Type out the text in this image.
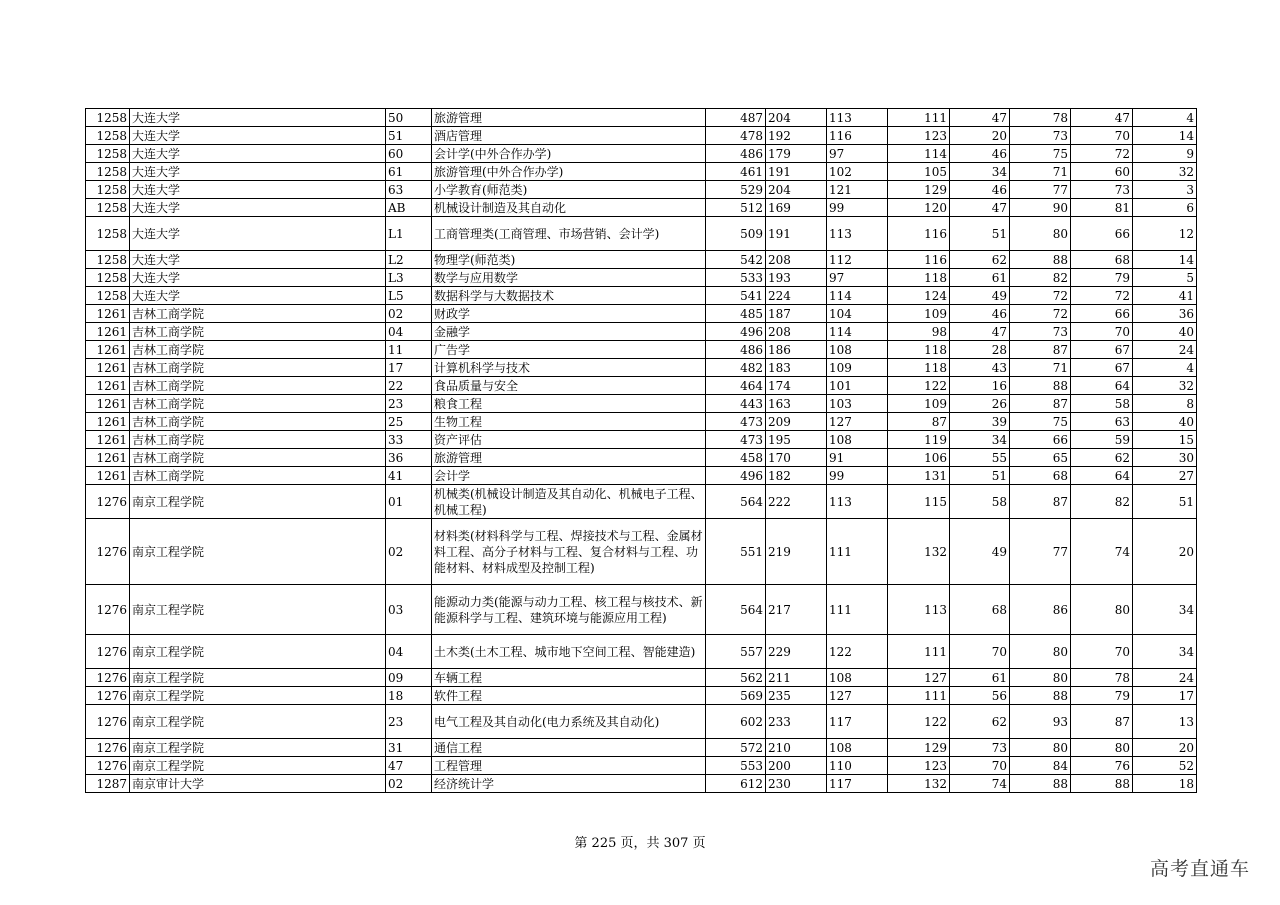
1258	大连大学	50	旅游管理	487	204	113	111	47	78	47	4
1258	大连大学	51	酒店管理	478	192	116	123	20	73	70	14
1258	大连大学	60	会计学(中外合作办学)	486	179	97	114	46	75	72	9
1258	大连大学	61	旅游管理(中外合作办学)	461	191	102	105	34	71	60	32
1258	大连大学	63	小学教育(师范类)	529	204	121	129	46	77	73	3
1258	大连大学	AB	机械设计制造及其自动化	512	169	99	120	47	90	81	6
1258	大连大学	L1	工商管理类(工商管理、市场营销、会计学)	509	191	113	116	51	80	66	12
1258	大连大学	L2	物理学(师范类)	542	208	112	116	62	88	68	14
1258	大连大学	L3	数学与应用数学	533	193	97	118	61	82	79	5
1258	大连大学	L5	数据科学与大数据技术	541	224	114	124	49	72	72	41
1261	吉林工商学院	02	财政学	485	187	104	109	46	72	66	36
1261	吉林工商学院	04	金融学	496	208	114	98	47	73	70	40
1261	吉林工商学院	11	广告学	486	186	108	118	28	87	67	24
1261	吉林工商学院	17	计算机科学与技术	482	183	109	118	43	71	67	4
1261	吉林工商学院	22	食品质量与安全	464	174	101	122	16	88	64	32
1261	吉林工商学院	23	粮食工程	443	163	103	109	26	87	58	8
1261	吉林工商学院	25	生物工程	473	209	127	87	39	75	63	40
1261	吉林工商学院	33	资产评估	473	195	108	119	34	66	59	15
1261	吉林工商学院	36	旅游管理	458	170	91	106	55	65	62	30
1261	吉林工商学院	41	会计学	496	182	99	131	51	68	64	27
1276	南京工程学院	01	机械类(机械设计制造及其自动化、机械电子工程、机械工程)	564	222	113	115	58	87	82	51
1276	南京工程学院	02	材料类(材料科学与工程、焊接技术与工程、金属材料工程、高分子材料与工程、复合材料与工程、功能材料、材料成型及控制工程)	551	219	111	132	49	77	74	20
1276	南京工程学院	03	能源动力类(能源与动力工程、核工程与核技术、新能源科学与工程、建筑环境与能源应用工程)	564	217	111	113	68	86	80	34
1276	南京工程学院	04	土木类(土木工程、城市地下空间工程、智能建造)	557	229	122	111	70	80	70	34
1276	南京工程学院	09	车辆工程	562	211	108	127	61	80	78	24
1276	南京工程学院	18	软件工程	569	235	127	111	56	88	79	17
1276	南京工程学院	23	电气工程及其自动化(电力系统及其自动化)	602	233	117	122	62	93	87	13
1276	南京工程学院	31	通信工程	572	210	108	129	73	80	80	20
1276	南京工程学院	47	工程管理	553	200	110	123	70	84	76	52
1287	南京审计大学	02	经济统计学	612	230	117	132	74	88	88	18
第 225 页，共 307 页
高考直通车
